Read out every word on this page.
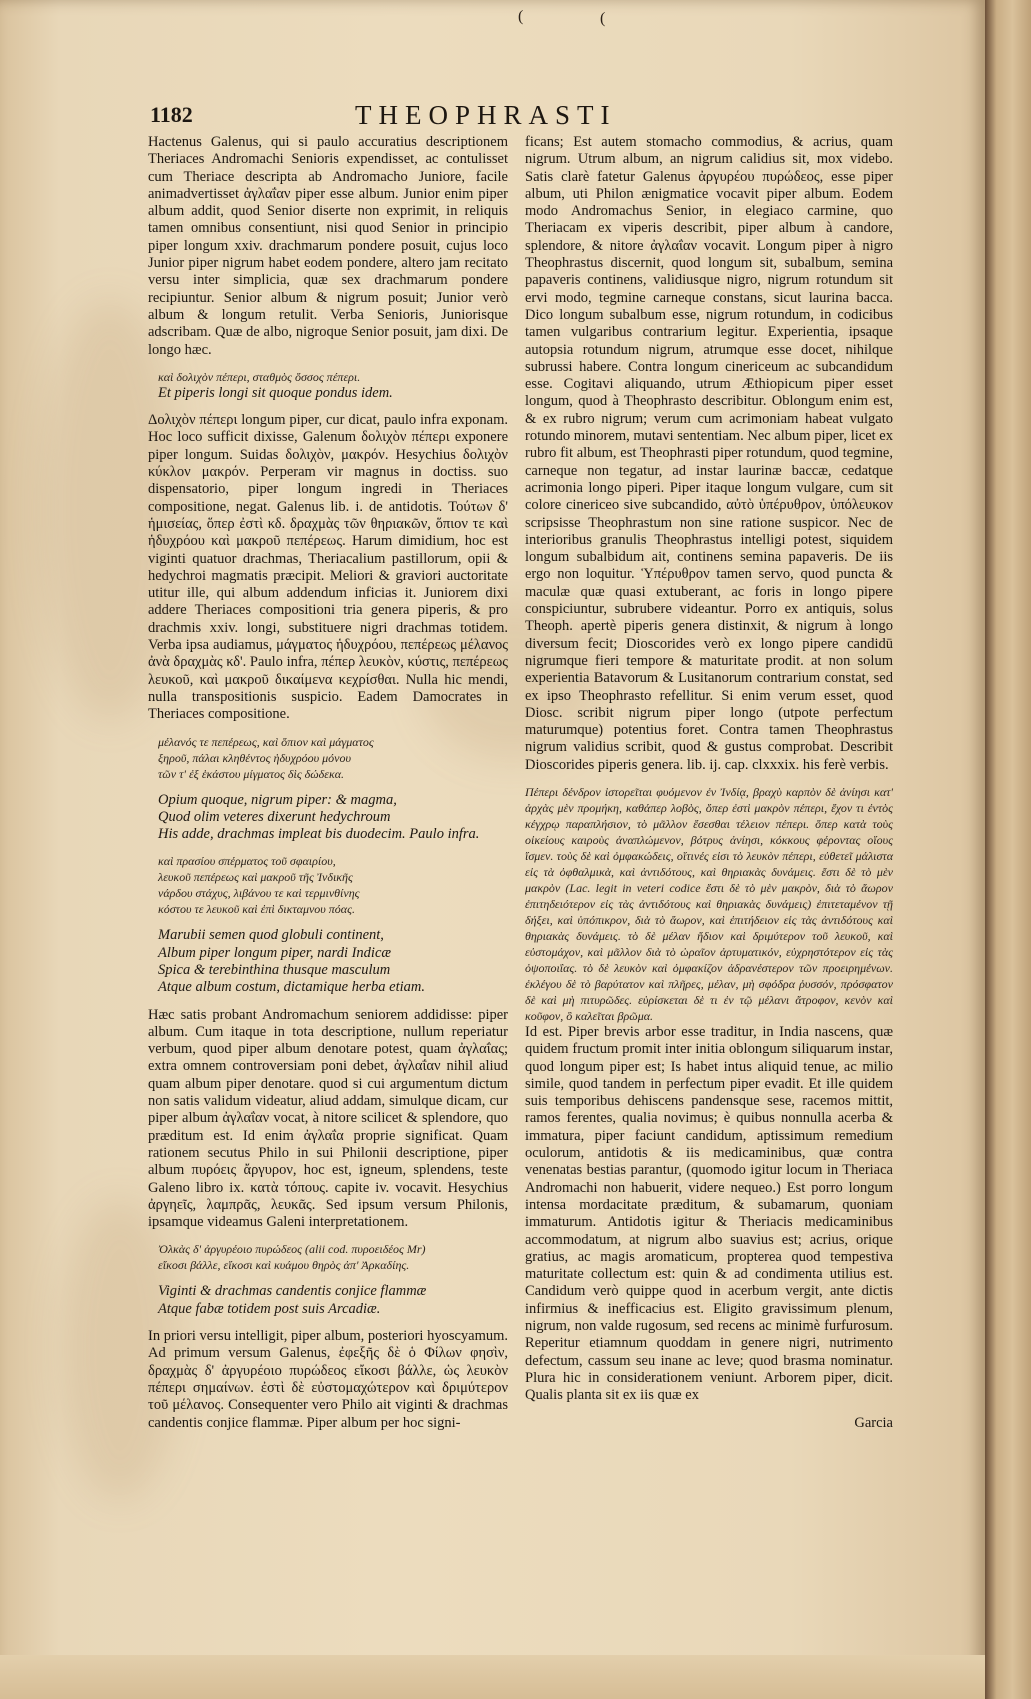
(	(
1182	THEOPHRASTI

Hactenus Galenus, qui si paulo accuratius descriptionem Theriaces Andromachi Senioris expendisset, ac contulisset cum Theriace descripta ab Andromacho Juniore, facile animadvertisset ἀγλαΐαν piper esse album. Junior enim piper album addit, quod Senior diserte non exprimit, in reliquis tamen omnibus consentiunt, nisi quod Senior in principio piper longum xxiv. drachmarum pondere posuit, cujus loco Junior piper nigrum habet eodem pondere, altero jam recitato versu inter simplicia, quæ sex drachmarum pondere recipiuntur. Senior album & nigrum posuit; Junior verò album & longum retulit. Verba Senioris, Juniorisque adscribam. Quæ de albo, nigroque Senior posuit, jam dixi. De longo hæc.

καὶ δολιχὸν πέπερι, σταθμὸς ὅσσος πέπερι.

Et piperis longi sit quoque pondus idem.

Δολιχὸν πέπερι longum piper, cur dicat, paulo infra exponam. Hoc loco sufficit dixisse, Galenum δολιχὸν πέπερι exponere piper longum. Suidas δολιχὸν, μακρόν. Hesychius δολιχὸν κύκλον μακρόν. Perperam vir magnus in doctiss. suo dispensatorio, piper longum ingredi in Theriaces compositione, negat. Galenus lib. i. de antidotis. Τούτων δ' ἡμισείας, ὅπερ ἐστὶ κδ. δραχμὰς τῶν θηριακῶν, ὅπιον τε καὶ ἡδυχρόου καὶ μακροῦ πεπέρεως. Harum dimidium, hoc est viginti quatuor drachmas, Theriacalium pastillorum, opii & hedychroi magmatis præcipit. Meliori & graviori auctoritate utitur ille, qui album addendum inficias it. Juniorem dixi addere Theriaces compositioni tria genera piperis, & pro drachmis xxiv. longi, substituere nigri drachmas totidem. Verba ipsa audiamus, μάγματος ἡδυχρόου, πεπέρεως μέλανος ἀνὰ δραχμὰς κδ'. Paulo infra, πέπερ λευκὸν, κύστις, πεπέρεως λευκοῦ, καὶ μακροῦ δικαίμενα κεχρίσθαι. Nulla hic mendi, nulla transpositionis suspicio. Eadem Damocrates in Theriaces compositione.

μέλανός τε πεπέρεως, καὶ ὅπιον καὶ μάγματος

ξηροῦ, πάλαι κληθέντος ἡδυχρόου μόνου

τῶν τ' ἐξ ἑκάστου μίγματος δὶς δώδεκα.

Opium quoque, nigrum piper: & magma,

Quod olim veteres dixerunt hedychroum

His adde, drachmas impleat bis duodecim. Paulo infra.

καὶ πρασίου σπέρματος τοῦ σφαιρίου,

λευκοῦ πεπέρεως καὶ μακροῦ τῆς Ἰνδικῆς

νάρδου στάχυς, λιβάνου τε καὶ τερμινθίνης

κόστου τε λευκοῦ καὶ ἐπὶ δικταμνου πόας.

Marubii semen quod globuli continent,

Album piper longum piper, nardi Indicæ

Spica & terebinthina thusque masculum

Atque album costum, dictamique herba etiam.

Hæc satis probant Andromachum seniorem addidisse: piper album. Cum itaque in tota descriptione, nullum reperiatur verbum, quod piper album denotare potest, quam ἀγλαΐας; extra omnem controversiam poni debet, ἀγλαΐαν nihil aliud quam album piper denotare. quod si cui argumentum dictum non satis validum videatur, aliud addam, simulque dicam, cur piper album ἀγλαΐαν vocat, à nitore scilicet & splendore, quo præditum est. Id enim ἀγλαΐα proprie significat. Quam rationem secutus Philo in sui Philonii descriptione, piper album πυρόεις ἄργυρον, hoc est, igneum, splendens, teste Galeno libro ix. κατὰ τόπους. capite iv. vocavit. Hesychius ἀργηεῖς, λαμπρᾶς, λευκᾶς. Sed ipsum versum Philonis, ipsamque videamus Galeni interpretationem.

Ὀλκὰς δ' ἀργυρέοιο πυρώδεος (alii cod. πυροειδέος Mr)

εἴκοσι βάλλε, εἴκοσι καὶ κυάμου θηρὸς ἀπ' Ἀρκαδίης.

Viginti & drachmas candentis conjice flammæ

Atque fabæ totidem post suis Arcadiæ.

In priori versu intelligit, piper album, posteriori hyoscyamum. Ad primum versum Galenus, ἐφεξῆς δὲ ὁ Φίλων φησὶν, δραχμὰς δ' ἀργυρέοιο πυρώδεος εἴκοσι βάλλε, ὡς λευκὸν πέπερι σημαίνων. ἐστὶ δὲ εὐστομαχώτερον καὶ δριμύτερον τοῦ μέλανος. Consequenter vero Philo ait viginti & drachmas candentis conjice flammæ. Piper album per hoc signi-

ficans; Est autem stomacho commodius, & acrius, quam nigrum. Utrum album, an nigrum calidius sit, mox videbo. Satis clarè fatetur Galenus ἀργυρέου πυρώδεος, esse piper album, uti Philon ænigmatice vocavit piper album. Eodem modo Andromachus Senior, in elegiaco carmine, quo Theriacam ex viperis describit, piper album à candore, splendore, & nitore ἀγλαΐαν vocavit. Longum piper à nigro Theophrastus discernit, quod longum sit, subalbum, semina papaveris continens, validiusque nigro, nigrum rotundum sit ervi modo, tegmine carneque constans, sicut laurina bacca. Dico longum subalbum esse, nigrum rotundum, in codicibus tamen vulgaribus contrarium legitur. Experientia, ipsaque autopsia rotundum nigrum, atrumque esse docet, nihilque subrussi habere. Contra longum cinericeum ac subcandidum esse. Cogitavi aliquando, utrum Æthiopicum piper esset longum, quod à Theophrasto describitur. Oblongum enim est, & ex rubro nigrum; verum cum acrimoniam habeat vulgato rotundo minorem, mutavi sententiam. Nec album piper, licet ex rubro fit album, est Theophrasti piper rotundum, quod tegmine, carneque non tegatur, ad instar laurinæ baccæ, cedatque acrimonia longo piperi. Piper itaque longum vulgare, cum sit colore cinericeo sive subcandido, αὐτὸ ὑπέρυθρον, ὑπόλευκον scripsisse Theophrastum non sine ratione suspicor. Nec de interioribus granulis Theophrastus intelligi potest, siquidem longum subalbidum ait, continens semina papaveris. De iis ergo non loquitur. Ὑπέρυθρον tamen servo, quod puncta & maculæ quæ quasi extuberant, ac foris in longo pipere conspiciuntur, subrubere videantur. Porro ex antiquis, solus Theoph. apertè piperis genera distinxit, & nigrum à longo diversum fecit; Dioscorides verò ex longo pipere candidū nigrumque fieri tempore & maturitate prodit. at non solum experientia Batavorum & Lusitanorum contrarium constat, sed ex ipso Theophrasto refellitur. Si enim verum esset, quod Diosc. scribit nigrum piper longo (utpote perfectum maturumque) potentius foret. Contra tamen Theophrastus nigrum validius scribit, quod & gustus comprobat. Describit Dioscorides piperis genera. lib. ij. cap. clxxxix. his ferè verbis.

Πέπερι δένδρον ἱστορεῖται φυόμενον ἐν Ἰνδίᾳ, βραχὺ καρπὸν δὲ ἀνίησι κατ' ἀρχὰς μὲν προμήκη, καθάπερ λοβὸς, ὅπερ ἐστὶ μακρὸν πέπερι, ἔχον τι ἐντὸς κέγχρῳ παραπλήσιον, τὸ μᾶλλον ἔσεσθαι τέλειον πέπερι. ὅπερ κατὰ τοὺς οἰκείους καιροὺς ἀναπλώμενον, βότρυς ἀνίησι, κόκκους φέροντας οἵους ἴσμεν. τοὺς δὲ καὶ ὀμφακώδεις, οἵτινές εἰσι τὸ λευκὸν πέπερι, εὐθετεῖ μάλιστα εἰς τὰ ὀφθαλμικὰ, καὶ ἀντιδότους, καὶ θηριακὰς δυνάμεις. ἔστι δὲ τὸ μὲν μακρὸν (Lac. legit in veteri codice ἔστι δὲ τὸ μὲν μακρὸν, διὰ τὸ ἄωρον ἐπιτηδειότερον εἰς τὰς ἀντιδότους καὶ θηριακὰς δυνάμεις) ἐπιτεταμένον τῇ δήξει, καὶ ὑπόπικρον, διὰ τὸ ἄωρον, καὶ ἐπιτήδειον εἰς τὰς ἀντιδότους καὶ θηριακὰς δυνάμεις. τὸ δὲ μέλαν ἥδιον καὶ δριμύτερον τοῦ λευκοῦ, καὶ εὐστομάχον, καὶ μᾶλλον διὰ τὸ ὡραῖον ἀρτυματικόν, εὐχρηστότερον εἰς τὰς ὀψοποιΐας. τὸ δὲ λευκὸν καὶ ὀμφακίζον ἀδρανέστερον τῶν προειρημένων. ἐκλέγου δὲ τὸ βαρύτατον καὶ πλῆρες, μέλαν, μὴ σφόδρα ῥυσσόν, πρόσφατον δὲ καὶ μὴ πιτυρῶδες. εὑρίσκεται δὲ τι ἐν τῷ μέλανι ἄτροφον, κενὸν καὶ κοῦφον, ὃ καλεῖται βρῶμα.

Id est. Piper brevis arbor esse traditur, in India nascens, quæ quidem fructum promit inter initia oblongum siliquarum instar, quod longum piper est; Is habet intus aliquid tenue, ac milio simile, quod tandem in perfectum piper evadit. Et ille quidem suis temporibus dehiscens pandensque sese, racemos mittit, ramos ferentes, qualia novimus; è quibus nonnulla acerba & immatura, piper faciunt candidum, aptissimum remedium oculorum, antidotis & iis medicaminibus, quæ contra venenatas bestias parantur, (quomodo igitur locum in Theriaca Andromachi non habuerit, videre nequeo.) Est porro longum intensa mordacitate præditum, & subamarum, quoniam immaturum. Antidotis igitur & Theriacis medicaminibus accommodatum, at nigrum albo suavius est; acrius, orique gratius, ac magis aromaticum, propterea quod tempestiva maturitate collectum est: quin & ad condimenta utilius est. Candidum verò quippe quod in acerbum vergit, ante dictis infirmius & inefficacius est. Eligito gravissimum plenum, nigrum, non valde rugosum, sed recens ac minimè furfurosum. Reperitur etiamnum quoddam in genere nigri, nutrimento defectum, cassum seu inane ac leve; quod brasma nominatur. Plura hic in considerationem veniunt. Arborem piper, dicit. Qualis planta sit ex iis quæ ex

Garcia
